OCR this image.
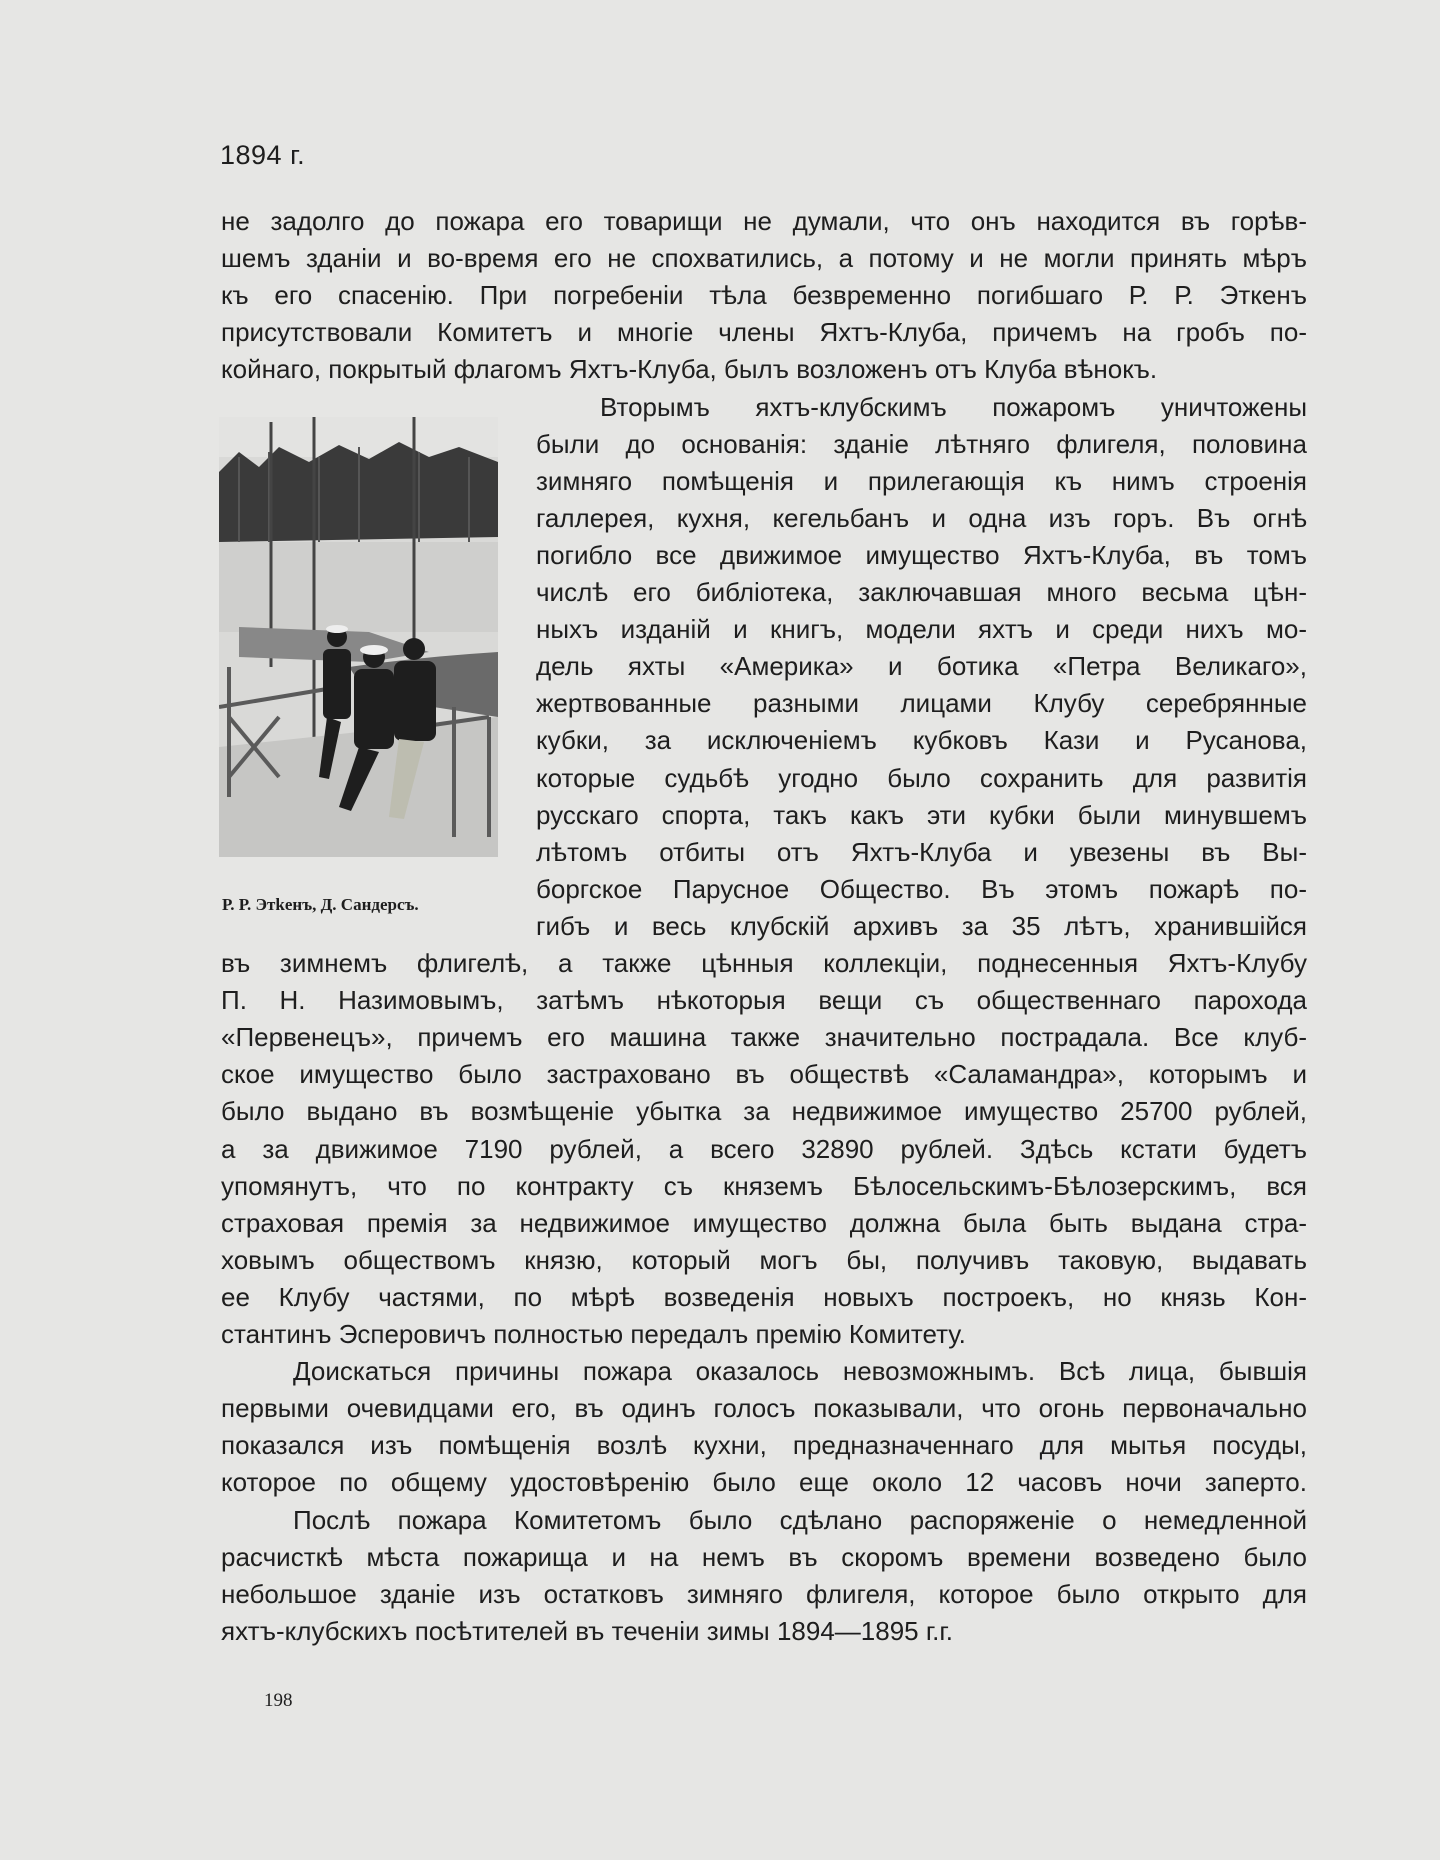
1894 г.
не задолго до пожара его товарищи не думали, что онъ находится въ горѣв-
шемъ зданіи и во-время его не спохватились, а потому и не могли принять мѣръ
къ его спасенію. При погребеніи тѣла безвременно погибшаго Р. Р. Эткенъ
присутствовали Комитетъ и многіе члены Яхтъ-Клуба, причемъ на гробъ по-
койнаго, покрытый флагомъ Яхтъ-Клуба, былъ возложенъ отъ Клуба вѣнокъ.
Вторымъ яхтъ-клубскимъ пожаромъ уничтожены
были до основанія: зданіе лѣтняго флигеля, половина
зимняго помѣщенія и прилегающія къ нимъ строенія
галлерея, кухня, кегельбанъ и одна изъ горъ. Въ огнѣ
погибло все движимое имущество Яхтъ-Клуба, въ томъ
числѣ его библіотека, заключавшая много весьма цѣн-
ныхъ изданій и книгъ, модели яхтъ и среди нихъ мо-
дель яхты «Америка» и ботика «Петра Великаго»,
жертвованные разными лицами Клубу серебрянные
кубки, за исключеніемъ кубковъ Кази и Русанова,
которые судьбѣ угодно было сохранить для развитія
русскаго спорта, такъ какъ эти кубки были минувшемъ
лѣтомъ отбиты отъ Яхтъ-Клуба и увезены въ Вы-
боргское Парусное Общество. Въ этомъ пожарѣ по-
гибъ и весь клубскій архивъ за 35 лѣтъ, хранившійся
въ зимнемъ флигелѣ, а также цѣнныя коллекціи, поднесенныя Яхтъ-Клубу
П. Н. Назимовымъ, затѣмъ нѣкоторыя вещи съ общественнаго парохода
«Первенецъ», причемъ его машина также значительно пострадала. Все клуб-
ское имущество было застраховано въ обществѣ «Саламандра», которымъ и
было выдано въ возмѣщеніе убытка за недвижимое имущество 25700 рублей,
а за движимое 7190 рублей, а всего 32890 рублей. Здѣсь кстати будетъ
упомянутъ, что по контракту съ княземъ Бѣлосельскимъ-Бѣлозерскимъ, вся
страховая премія за недвижимое имущество должна была быть выдана стра-
ховымъ обществомъ князю, который могъ бы, получивъ таковую, выдавать
ее Клубу частями, по мѣрѣ возведенія новыхъ построекъ, но князь Кон-
стантинъ Эсперовичъ полностью передалъ премію Комитету.
Доискаться причины пожара оказалось невозможнымъ. Всѣ лица, бывшія
первыми очевидцами его, въ одинъ голосъ показывали, что огонь первоначально
показался изъ помѣщенія возлѣ кухни, предназначеннаго для мытья посуды,
которое по общему удостовѣренію было еще около 12 часовъ ночи заперто.
Послѣ пожара Комитетомъ было сдѣлано распоряженіе о немедленной
расчисткѣ мѣста пожарища и на немъ въ скоромъ времени возведено было
небольшое зданіе изъ остатковъ зимняго флигеля, которое было открыто для
яхтъ-клубскихъ посѣтителей въ теченіи зимы 1894—1895 г.г.
Р. Р. Этkенъ, Д. Сандерсъ.
198
